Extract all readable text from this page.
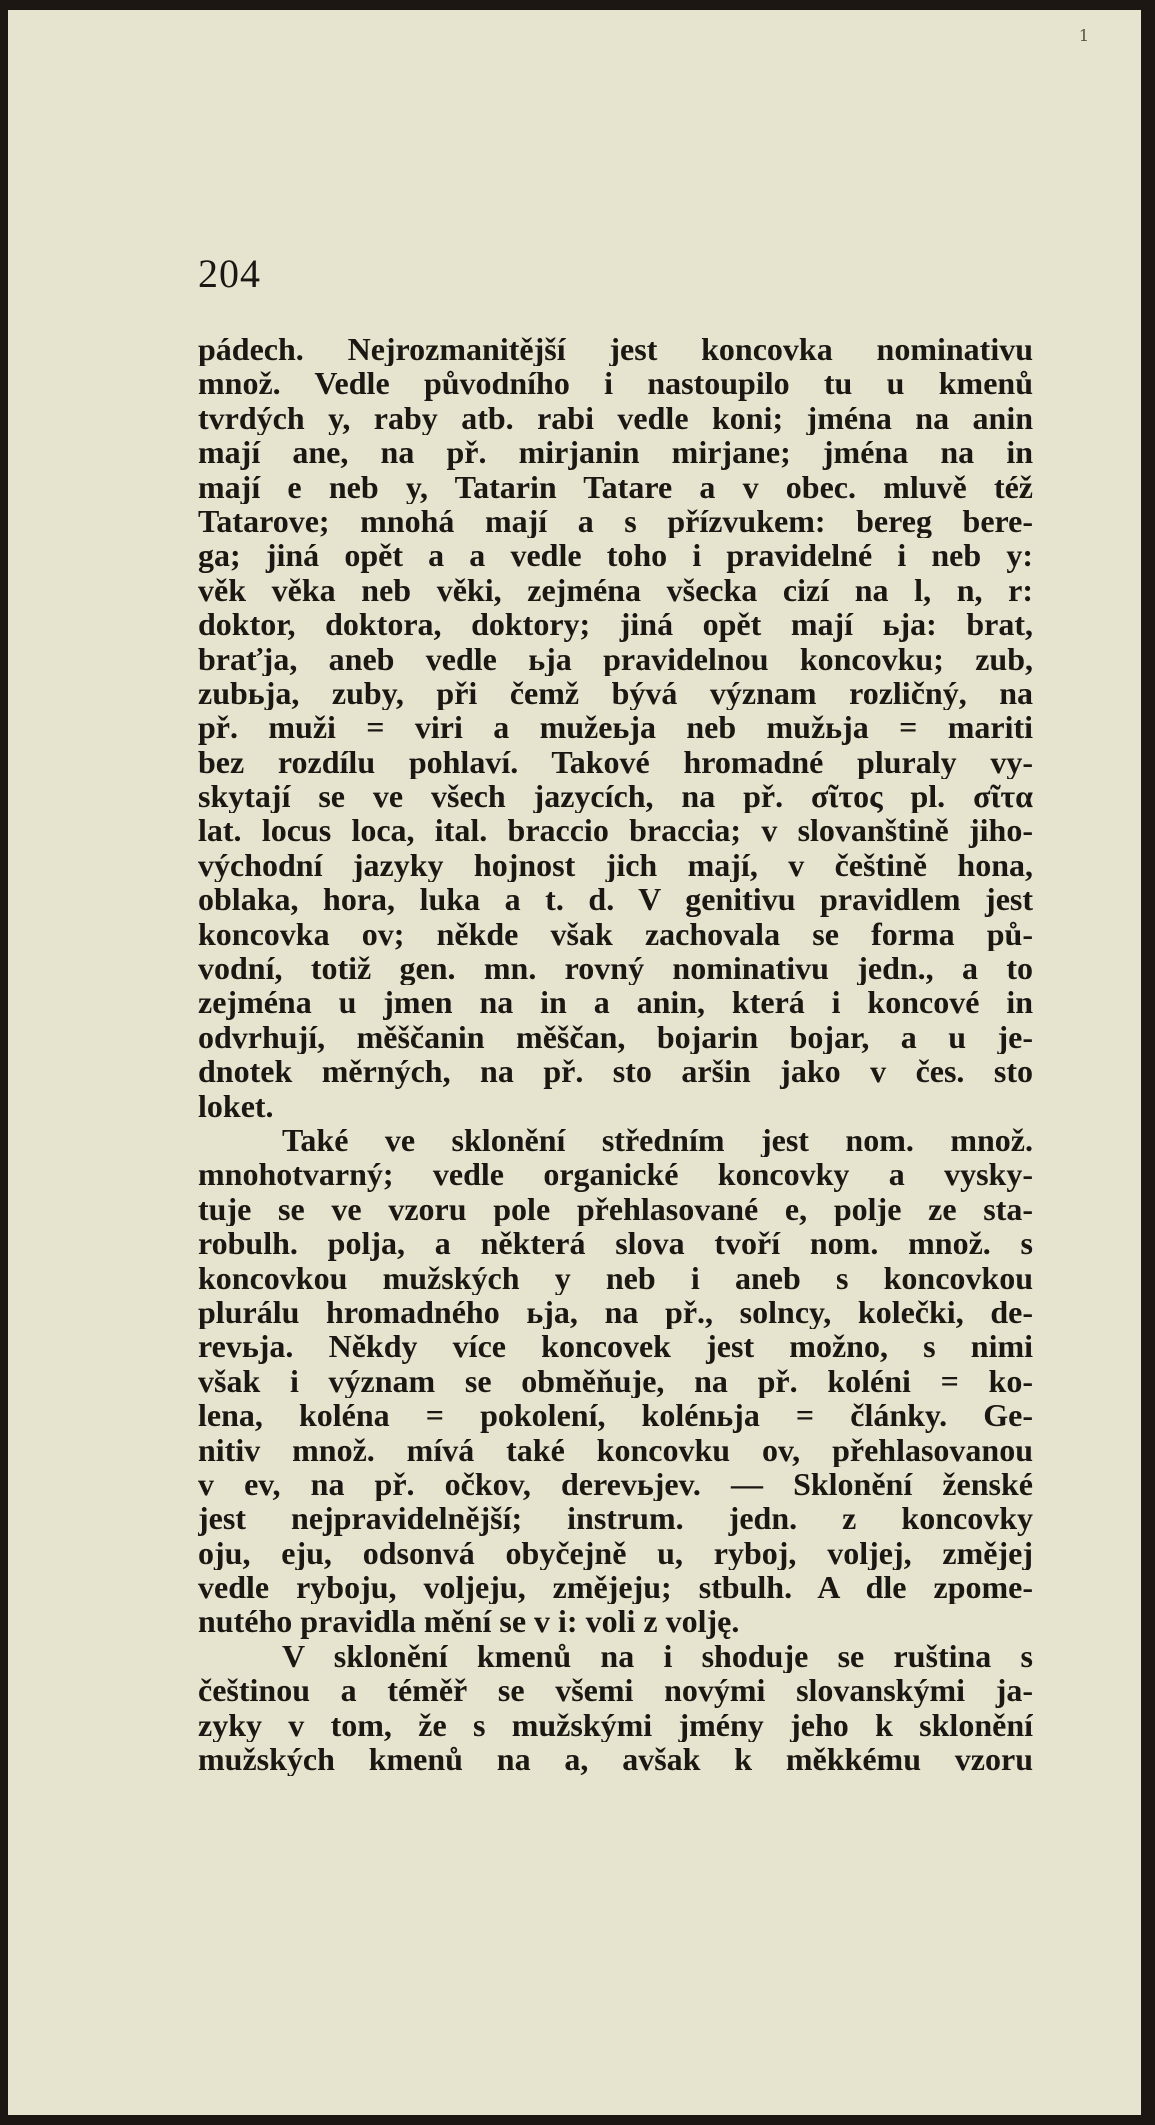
1
204
pádech. Nejrozmanitější jest koncovka nominativu
množ. Vedle původního i nastoupilo tu u kmenů
tvrdých y, raby atb. rabi vedle koni; jména na anin
mají ane, na př. mirjanin mirjane; jména na in
mají e neb y, Tatarin Tatare a v obec. mluvě též
Tatarove; mnohá mají a s přízvukem: bereg bere-
ga; jiná opět a a vedle toho i pravidelné i neb y:
věk věka neb věki, zejména všecka cizí na l, n, r:
doktor, doktora, doktory; jiná opět mají ьja: brat,
braťja, aneb vedle ьja pravidelnou koncovku; zub,
zubьja, zuby, při čemž bývá význam rozličný, na
př. muži = viri a mužeьja neb mužьja = mariti
bez rozdílu pohlaví. Takové hromadné pluraly vy-
skytají se ve všech jazycích, na př. σῖτος pl. σῖτα
lat. locus loca, ital. braccio braccia; v slovanštině jiho-
východní jazyky hojnost jich mají, v češtině hona,
oblaka, hora, luka a t. d. V genitivu pravidlem jest
koncovka ov; někde však zachovala se forma pů-
vodní, totiž gen. mn. rovný nominativu jedn., a to
zejména u jmen na in a anin, která i koncové in
odvrhují, měščanin měščan, bojarin bojar, a u je-
dnotek měrných, na př. sto aršin jako v čes. sto
loket.
Také ve sklonění středním jest nom. množ.
mnohotvarný; vedle organické koncovky a vysky-
tuje se ve vzoru pole přehlasované e, polje ze sta-
robulh. polja, a některá slova tvoří nom. množ. s
koncovkou mužských y neb i aneb s koncovkou
plurálu hromadného ьja, na př., solncy, kolečki, de-
revьja. Někdy více koncovek jest možno, s nimi
však i význam se obměňuje, na př. koléni = ko-
lena, koléna = pokolení, kolénьja = články. Ge-
nitiv množ. mívá také koncovku ov, přehlasovanou
v ev, na př. očkov, derevьjev. — Sklonění ženské
jest nejpravidelnější; instrum. jedn. z koncovky
oju, eju, odsonvá obyčejně u, ryboj, voljej, změjej
vedle ryboju, voljeju, změjeju; stbulh. A dle zpome-
nutého pravidla mění se v i: voli z volję.
V sklonění kmenů na i shoduje se ruština s
češtinou a téměř se všemi novými slovanskými ja-
zyky v tom, že s mužskými jmény jeho k sklonění
mužských kmenů na a, avšak k měkkému vzoru
